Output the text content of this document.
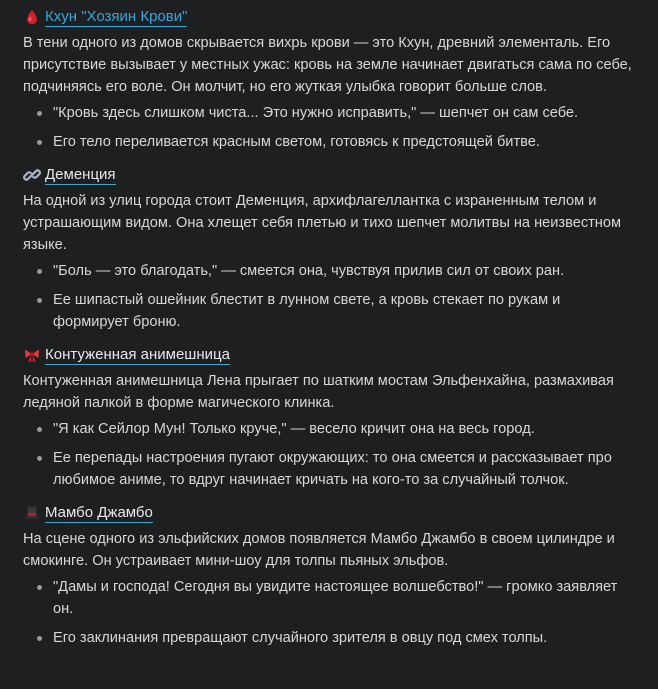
Кхун "Хозяин Крови"
В тени одного из домов скрывается вихрь крови — это Кхун, древний элементаль. Его присутствие вызывает у местных ужас: кровь на земле начинает двигаться сама по себе, подчиняясь его воле. Он молчит, но его жуткая улыбка говорит больше слов.
"Кровь здесь слишком чиста... Это нужно исправить," — шепчет он сам себе.
Его тело переливается красным светом, готовясь к предстоящей битве.
Деменция
На одной из улиц города стоит Деменция, архифлагеллантка с израненным телом и устрашающим видом. Она хлещет себя плетью и тихо шепчет молитвы на неизвестном языке.
"Боль — это благодать," — смеется она, чувствуя прилив сил от своих ран.
Ее шипастый ошейник блестит в лунном свете, а кровь стекает по рукам и формирует броню.
Контуженная анимешница
Контуженная анимешница Лена прыгает по шатким мостам Эльфенхайна, размахивая ледяной палкой в форме магического клинка.
"Я как Сейлор Мун! Только круче," — весело кричит она на весь город.
Ее перепады настроения пугают окружающих: то она смеется и рассказывает про любимое аниме, то вдруг начинает кричать на кого-то за случайный толчок.
Мамбо Джамбо
На сцене одного из эльфийских домов появляется Мамбо Джамбо в своем цилиндре и смокинге. Он устраивает мини-шоу для толпы пьяных эльфов.
"Дамы и господа! Сегодня вы увидите настоящее волшебство!" — громко заявляет он.
Его заклинания превращают случайного зрителя в овцу под смех толпы.
